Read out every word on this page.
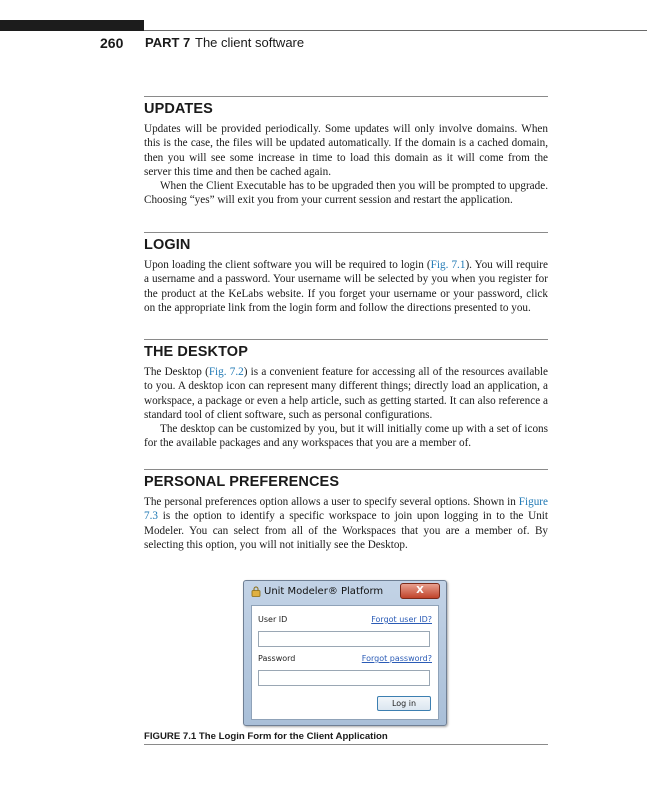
260 PART 7 The client software
UPDATES

Updates will be provided periodically. Some updates will only involve domains. When this is the case, the files will be updated automatically. If the domain is a cached domain, then you will see some increase in time to load this domain as it will come from the server this time and then be cached again.

When the Client Executable has to be upgraded then you will be prompted to upgrade. Choosing “yes” will exit you from your current session and restart the application.

LOGIN

Upon loading the client software you will be required to login (Fig. 7.1). You will require a username and a password. Your username will be selected by you when you register for the product at the KeLabs website. If you forget your username or your password, click on the appropriate link from the login form and follow the directions presented to you.

THE DESKTOP

The Desktop (Fig. 7.2) is a convenient feature for accessing all of the resources available to you. A desktop icon can represent many different things; directly load an application, a workspace, a package or even a help article, such as getting started. It can also reference a standard tool of client software, such as personal configurations.

The desktop can be customized by you, but it will initially come up with a set of icons for the available packages and any workspaces that you are a member of.

PERSONAL PREFERENCES

The personal preferences option allows a user to specify several options. Shown in Figure 7.3 is the option to identify a specific workspace to join upon logging in to the Unit Modeler. You can select from all of the Workspaces that you are a member of. By selecting this option, you will not initially see the Desktop.

Unit Modeler® Platform	X
User ID	Forgot user ID?
Password	Forgot password?
Log in
FIGURE 7.1 The Login Form for the Client Application
